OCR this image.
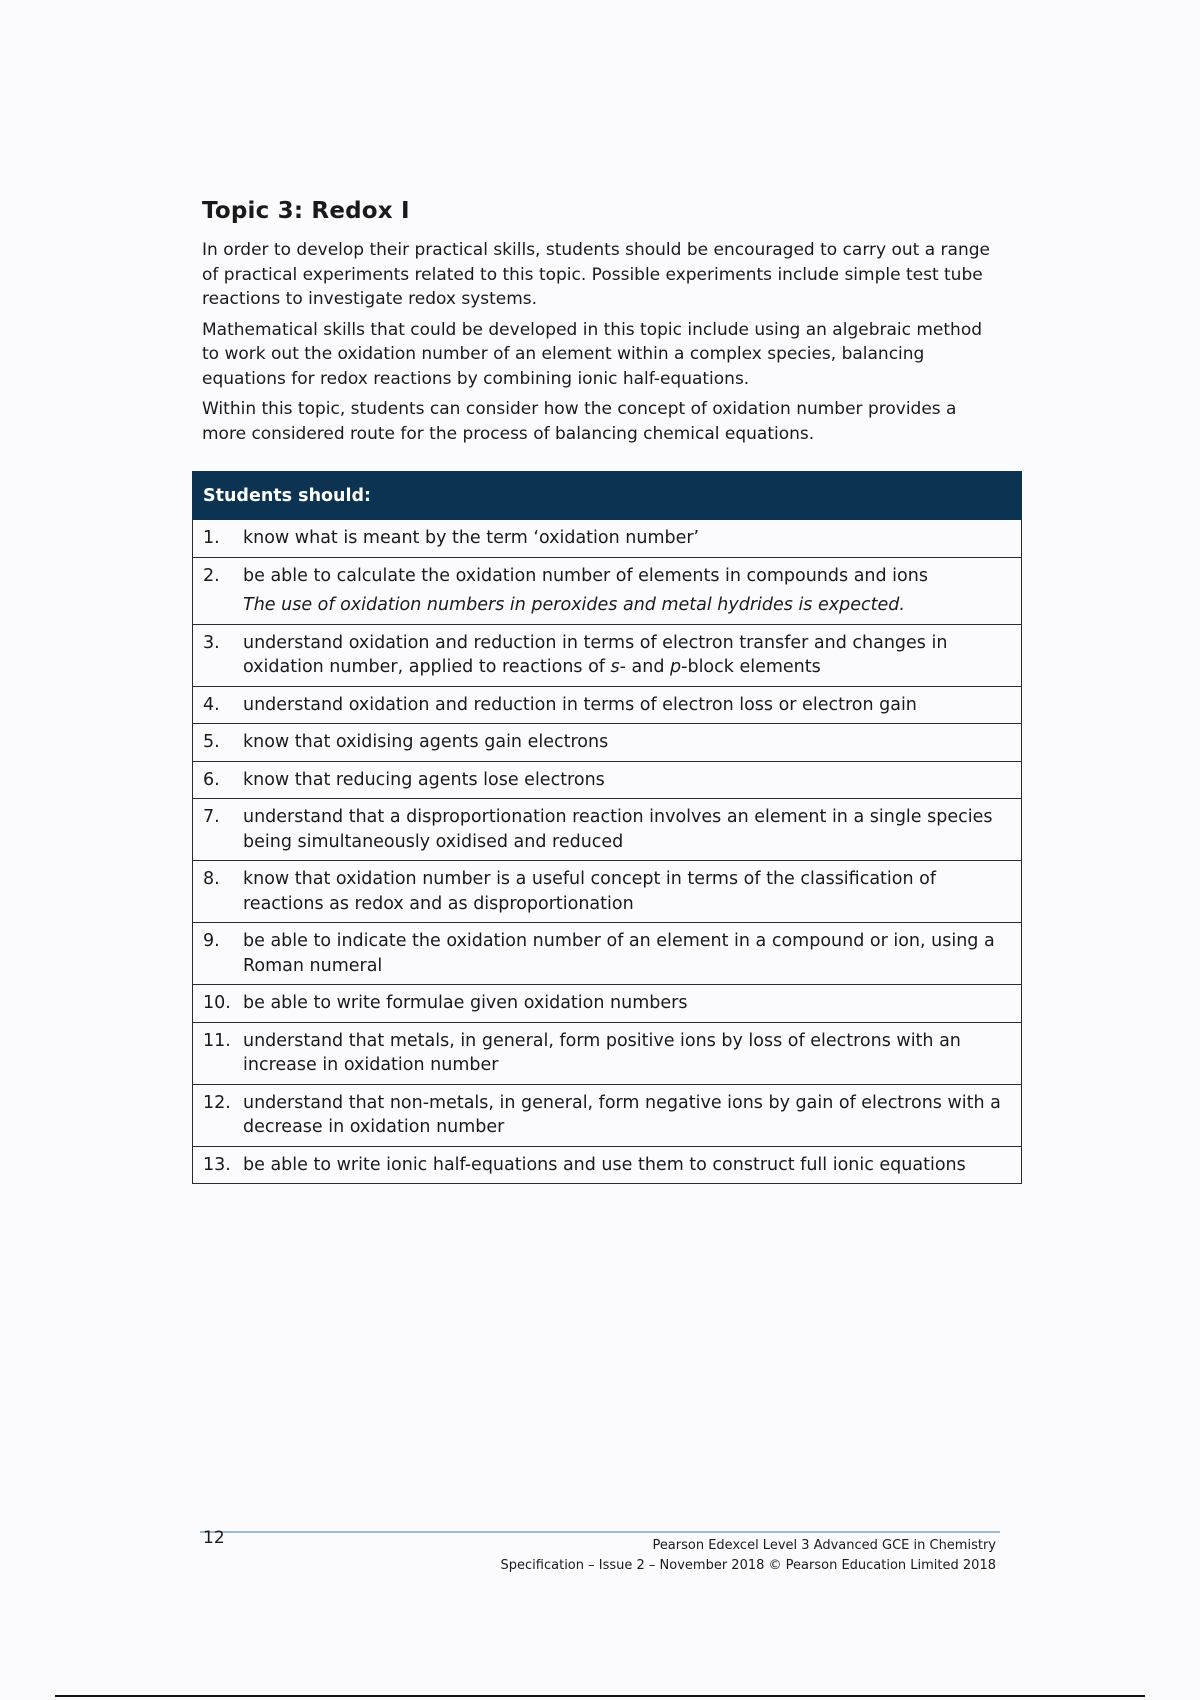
Topic 3: Redox I

In order to develop their practical skills, students should be encouraged to carry out a range of practical experiments related to this topic. Possible experiments include simple test tube reactions to investigate redox systems.

Mathematical skills that could be developed in this topic include using an algebraic method to work out the oxidation number of an element within a complex species, balancing equations for redox reactions by combining ionic half-equations.

Within this topic, students can consider how the concept of oxidation number provides a more considered route for the process of balancing chemical equations.

Students should:

1.	know what is meant by the term ‘oxidation number’

2.	be able to calculate the oxidation number of elements in compounds and ions
The use of oxidation numbers in peroxides and metal hydrides is expected.

3.	understand oxidation and reduction in terms of electron transfer and changes in oxidation number, applied to reactions of s- and p-block elements

4.	understand oxidation and reduction in terms of electron loss or electron gain

5.	know that oxidising agents gain electrons

6.	know that reducing agents lose electrons

7.	understand that a disproportionation reaction involves an element in a single species being simultaneously oxidised and reduced

8.	know that oxidation number is a useful concept in terms of the classification of reactions as redox and as disproportionation

9.	be able to indicate the oxidation number of an element in a compound or ion, using a Roman numeral

10. be able to write formulae given oxidation numbers

11. understand that metals, in general, form positive ions by loss of electrons with an increase in oxidation number

12. understand that non-metals, in general, form negative ions by gain of electrons with a decrease in oxidation number

13. be able to write ionic half-equations and use them to construct full ionic equations
12	Pearson Edexcel Level 3 Advanced GCE in Chemistry
Specification – Issue 2 – November 2018 © Pearson Education Limited 2018
